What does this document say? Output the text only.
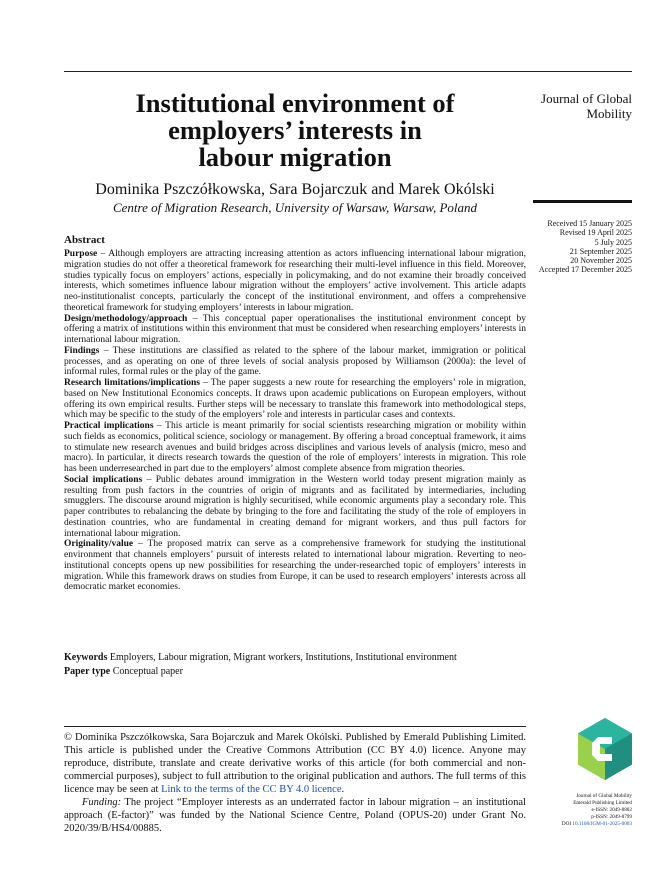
Institutional environment of
employers’ interests in
labour migration
Dominika Pszczółkowska, Sara Bojarczuk and Marek Okólski
Centre of Migration Research, University of Warsaw, Warsaw, Poland
Journal of Global
Mobility
Received 15 January 2025
Revised 19 April 2025
5 July 2025
21 September 2025
20 November 2025
Accepted 17 December 2025
Abstract

Purpose – Although employers are attracting increasing attention as actors influencing international labour migration, migration studies do not offer a theoretical framework for researching their multi-level influence in this field. Moreover, studies typically focus on employers’ actions, especially in policymaking, and do not examine their broadly conceived interests, which sometimes influence labour migration without the employers’ active involvement. This article adapts neo-institutionalist concepts, particularly the concept of the institutional environment, and offers a comprehensive theoretical framework for studying employers’ interests in labour migration.

Design/methodology/approach – This conceptual paper operationalises the institutional environment concept by offering a matrix of institutions within this environment that must be considered when researching employers’ interests in international labour migration.

Findings – These institutions are classified as related to the sphere of the labour market, immigration or political processes, and as operating on one of three levels of social analysis proposed by Williamson (2000a): the level of informal rules, formal rules or the play of the game.

Research limitations/implications – The paper suggests a new route for researching the employers’ role in migration, based on New Institutional Economics concepts. It draws upon academic publications on European employers, without offering its own empirical results. Further steps will be necessary to translate this framework into methodological steps, which may be specific to the study of the employers’ role and interests in particular cases and contexts.

Practical implications – This article is meant primarily for social scientists researching migration or mobility within such fields as economics, political science, sociology or management. By offering a broad conceptual framework, it aims to stimulate new research avenues and build bridges across disciplines and various levels of analysis (micro, meso and macro). In particular, it directs research towards the question of the role of employers’ interests in migration. This role has been underresearched in part due to the employers’ almost complete absence from migration theories.

Social implications – Public debates around immigration in the Western world today present migration mainly as resulting from push factors in the countries of origin of migrants and as facilitated by intermediaries, including smugglers. The discourse around migration is highly securitised, while economic arguments play a secondary role. This paper contributes to rebalancing the debate by bringing to the fore and facilitating the study of the role of employers in destination countries, who are fundamental in creating demand for migrant workers, and thus pull factors for international labour migration.

Originality/value – The proposed matrix can serve as a comprehensive framework for studying the institutional environment that channels employers’ pursuit of interests related to international labour migration. Reverting to neo-institutional concepts opens up new possibilities for researching the under-researched topic of employers’ interests in migration. While this framework draws on studies from Europe, it can be used to research employers’ interests across all democratic market economies.

Keywords Employers, Labour migration, Migrant workers, Institutions, Institutional environment
Paper type Conceptual paper

© Dominika Pszczółkowska, Sara Bojarczuk and Marek Okólski. Published by Emerald Publishing Limited. This article is published under the Creative Commons Attribution (CC BY 4.0) licence. Anyone may reproduce, distribute, translate and create derivative works of this article (for both commercial and non-commercial purposes), subject to full attribution to the original publication and authors. The full terms of this licence may be seen at Link to the terms of the CC BY 4.0 licence.

Funding: The project “Employer interests as an underrated factor in labour migration – an institutional approach (E-factor)” was funded by the National Science Centre, Poland (OPUS-20) under Grant No. 2020/39/B/HS4/00885.

Journal of Global Mobility
Emerald Publishing Limited
e-ISSN: 2049-8802
p-ISSN: 2049-8799
DOI 10.1108/JGM-01-2025-0003
